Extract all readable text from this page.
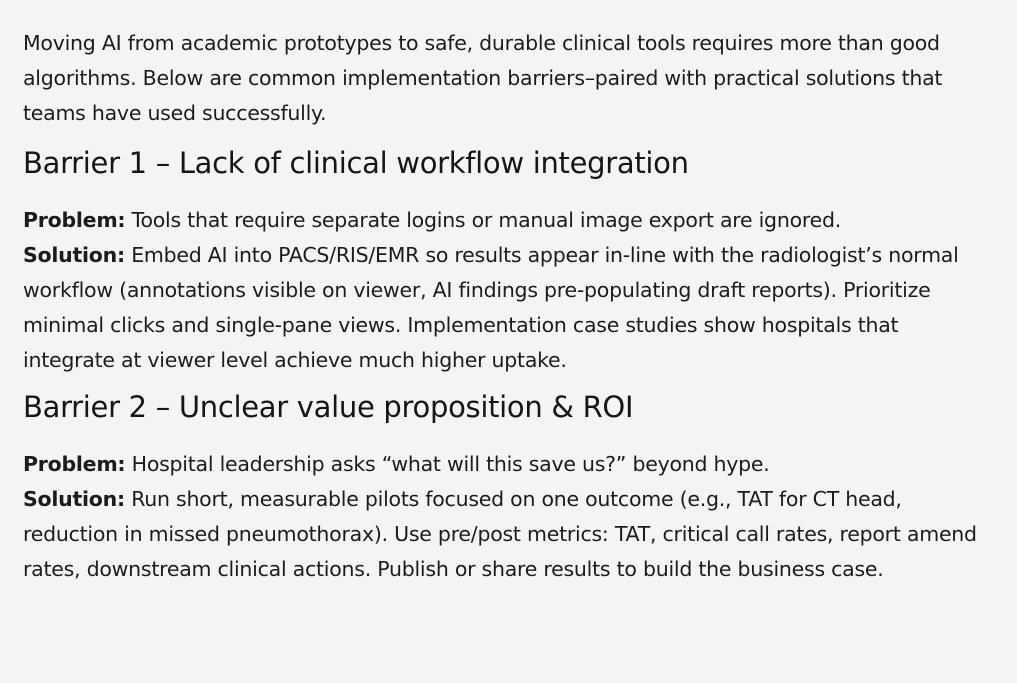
Moving AI from academic prototypes to safe, durable clinical tools requires more than good algorithms. Below are common implementation barriers–paired with practical solutions that teams have used successfully.

Barrier 1 – Lack of clinical workflow integration

Problem: Tools that require separate logins or manual image export are ignored.

Solution: Embed AI into PACS/RIS/EMR so results appear in-line with the radiologist’s normal workflow (annotations visible on viewer, AI findings pre-populating draft reports). Prioritize minimal clicks and single-pane views. Implementation case studies show hospitals that integrate at viewer level achieve much higher uptake.

Barrier 2 – Unclear value proposition & ROI

Problem: Hospital leadership asks “what will this save us?” beyond hype.

Solution: Run short, measurable pilots focused on one outcome (e.g., TAT for CT head, reduction in missed pneumothorax). Use pre/post metrics: TAT, critical call rates, report amend rates, downstream clinical actions. Publish or share results to build the business case.
